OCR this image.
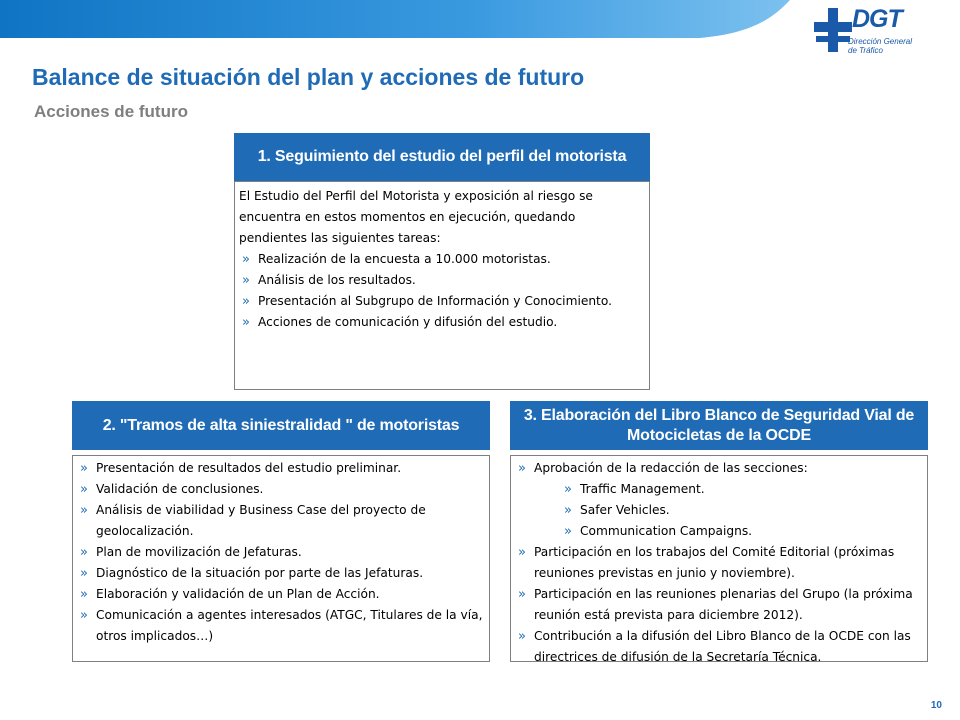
DGT
Dirección General
de Tráfico
Balance de situación del plan y acciones de futuro
Acciones de futuro
1. Seguimiento del estudio del perfil del motorista

El Estudio del Perfil del Motorista y exposición al riesgo se encuentra en estos momentos en ejecución, quedando pendientes las siguientes tareas:

» Realización de la encuesta a 10.000 motoristas.
» Análisis de los resultados.
» Presentación al Subgrupo de Información y Conocimiento.
» Acciones de comunicación y difusión del estudio.
2. "Tramos de alta siniestralidad " de motoristas
» Presentación de resultados del estudio preliminar.
» Validación de conclusiones.
» Análisis de viabilidad y Business Case del proyecto de geolocalización.
» Plan de movilización de Jefaturas.
» Diagnóstico de la situación por parte de las Jefaturas.
» Elaboración y validación de un Plan de Acción.
» Comunicación a agentes interesados (ATGC, Titulares de la vía, otros implicados…)
3. Elaboración del Libro Blanco de Seguridad Vial de Motocicletas de la OCDE
» Aprobación de la redacción de las secciones:
» Traffic Management.
» Safer Vehicles.
» Communication Campaigns.
» Participación en los trabajos del Comité Editorial (próximas reuniones previstas en junio y noviembre).
» Participación en las reuniones plenarias del Grupo (la próxima reunión está prevista para diciembre 2012).
» Contribución a la difusión del Libro Blanco de la OCDE con las directrices de difusión de la Secretaría Técnica.
10
